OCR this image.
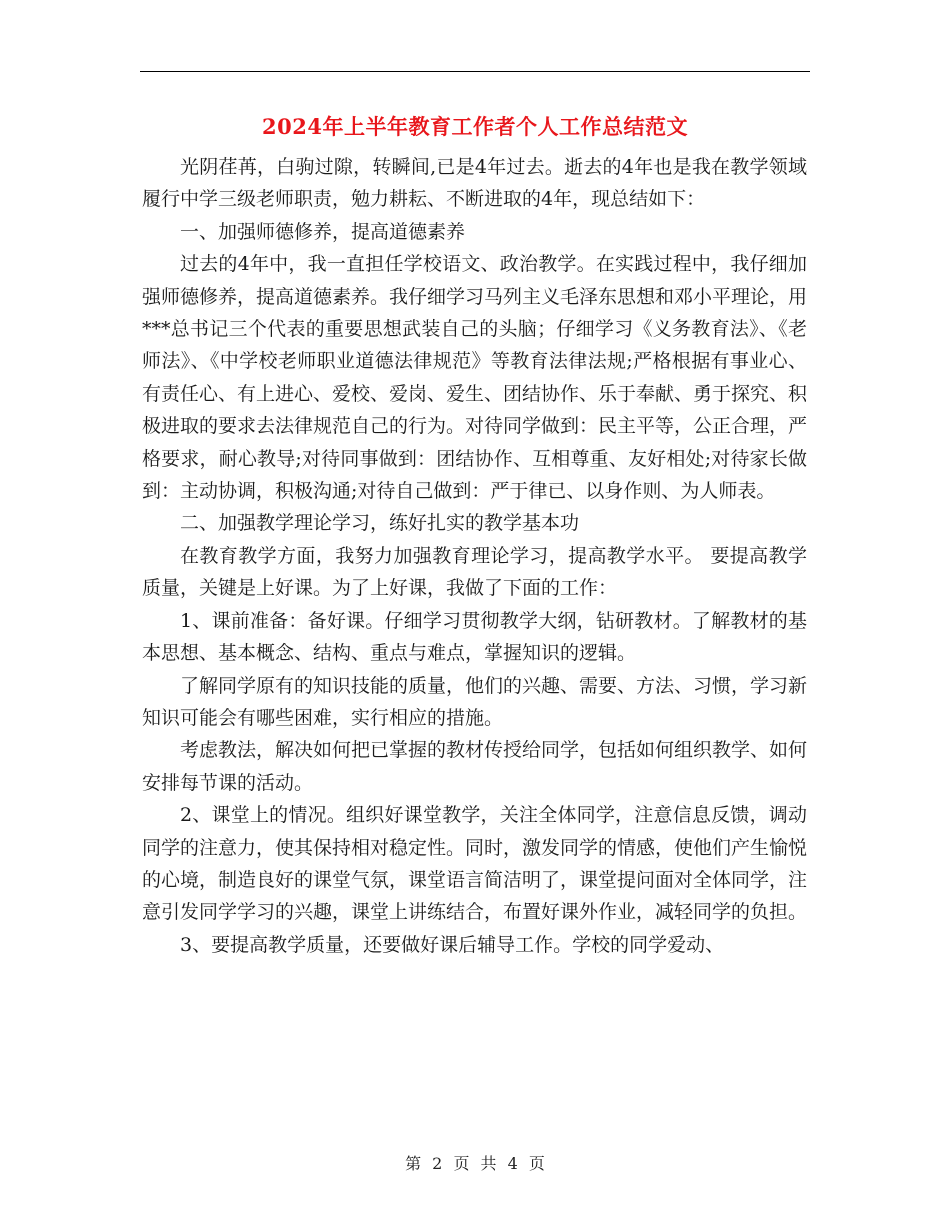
2024年上半年教育工作者个人工作总结范文

光阴荏苒，白驹过隙，转瞬间,已是4年过去。逝去的4年也是我在教学领域履行中学三级老师职责，勉力耕耘、不断进取的4年，现总结如下：

一、加强师德修养，提高道德素养

过去的4年中，我一直担任学校语文、政治教学。在实践过程中，我仔细加强师德修养，提高道德素养。我仔细学习马列主义毛泽东思想和邓小平理论，用***总书记三个代表的重要思想武装自己的头脑；仔细学习《义务教育法》、《老师法》、《中学校老师职业道德法律规范》等教育法律法规;严格根据有事业心、有责任心、有上进心、爱校、爱岗、爱生、团结协作、乐于奉献、勇于探究、积极进取的要求去法律规范自己的行为。对待同学做到：民主平等，公正合理，严格要求，耐心教导;对待同事做到：团结协作、互相尊重、友好相处;对待家长做到：主动协调，积极沟通;对待自己做到：严于律已、以身作则、为人师表。

二、加强教学理论学习，练好扎实的教学基本功

在教育教学方面，我努力加强教育理论学习，提高教学水平。 要提高教学质量，关键是上好课。为了上好课，我做了下面的工作：

1、课前准备：备好课。仔细学习贯彻教学大纲，钻研教材。了解教材的基本思想、基本概念、结构、重点与难点，掌握知识的逻辑。

了解同学原有的知识技能的质量，他们的兴趣、需要、方法、习惯，学习新知识可能会有哪些困难，实行相应的措施。

考虑教法，解决如何把已掌握的教材传授给同学，包括如何组织教学、如何安排每节课的活动。

2、课堂上的情况。组织好课堂教学，关注全体同学，注意信息反馈，调动同学的注意力，使其保持相对稳定性。同时，激发同学的情感，使他们产生愉悦的心境，制造良好的课堂气氛，课堂语言简洁明了，课堂提问面对全体同学，注意引发同学学习的兴趣，课堂上讲练结合，布置好课外作业，减轻同学的负担。

3、要提高教学质量，还要做好课后辅导工作。学校的同学爱动、

第 2 页 共 4 页
